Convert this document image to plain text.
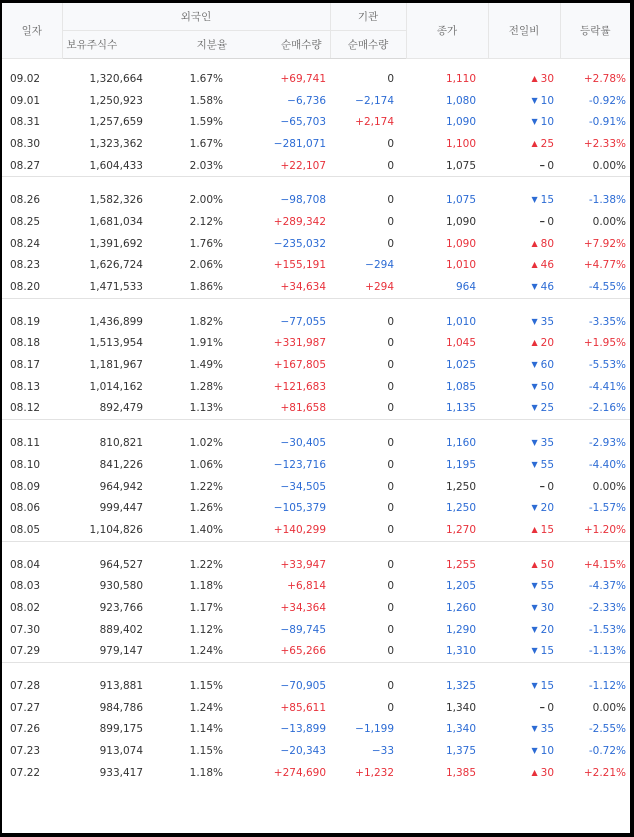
일자	외국인			기관	종가	전일비	등락률
	보유주식수	지분율	순매수량	순매수량			

09.02	1,320,664	1.67%	+69,741	0	1,110	▲ 30	+2.78%
09.01	1,250,923	1.58%	−6,736	−2,174	1,080	▼ 10	-0.92%
08.31	1,257,659	1.59%	−65,703	+2,174	1,090	▼ 10	-0.91%
08.30	1,323,362	1.67%	−281,071	0	1,100	▲ 25	+2.33%
08.27	1,604,433	2.03%	+22,107	0	1,075	━ 0	0.00%

08.26	1,582,326	2.00%	−98,708	0	1,075	▼ 15	-1.38%
08.25	1,681,034	2.12%	+289,342	0	1,090	━ 0	0.00%
08.24	1,391,692	1.76%	−235,032	0	1,090	▲ 80	+7.92%
08.23	1,626,724	2.06%	+155,191	−294	1,010	▲ 46	+4.77%
08.20	1,471,533	1.86%	+34,634	+294	964	▼ 46	-4.55%

08.19	1,436,899	1.82%	−77,055	0	1,010	▼ 35	-3.35%
08.18	1,513,954	1.91%	+331,987	0	1,045	▲ 20	+1.95%
08.17	1,181,967	1.49%	+167,805	0	1,025	▼ 60	-5.53%
08.13	1,014,162	1.28%	+121,683	0	1,085	▼ 50	-4.41%
08.12	892,479	1.13%	+81,658	0	1,135	▼ 25	-2.16%

08.11	810,821	1.02%	−30,405	0	1,160	▼ 35	-2.93%
08.10	841,226	1.06%	−123,716	0	1,195	▼ 55	-4.40%
08.09	964,942	1.22%	−34,505	0	1,250	━ 0	0.00%
08.06	999,447	1.26%	−105,379	0	1,250	▼ 20	-1.57%
08.05	1,104,826	1.40%	+140,299	0	1,270	▲ 15	+1.20%

08.04	964,527	1.22%	+33,947	0	1,255	▲ 50	+4.15%
08.03	930,580	1.18%	+6,814	0	1,205	▼ 55	-4.37%
08.02	923,766	1.17%	+34,364	0	1,260	▼ 30	-2.33%
07.30	889,402	1.12%	−89,745	0	1,290	▼ 20	-1.53%
07.29	979,147	1.24%	+65,266	0	1,310	▼ 15	-1.13%

07.28	913,881	1.15%	−70,905	0	1,325	▼ 15	-1.12%
07.27	984,786	1.24%	+85,611	0	1,340	━ 0	0.00%
07.26	899,175	1.14%	−13,899	−1,199	1,340	▼ 35	-2.55%
07.23	913,074	1.15%	−20,343	−33	1,375	▼ 10	-0.72%
07.22	933,417	1.18%	+274,690	+1,232	1,385	▲ 30	+2.21%
